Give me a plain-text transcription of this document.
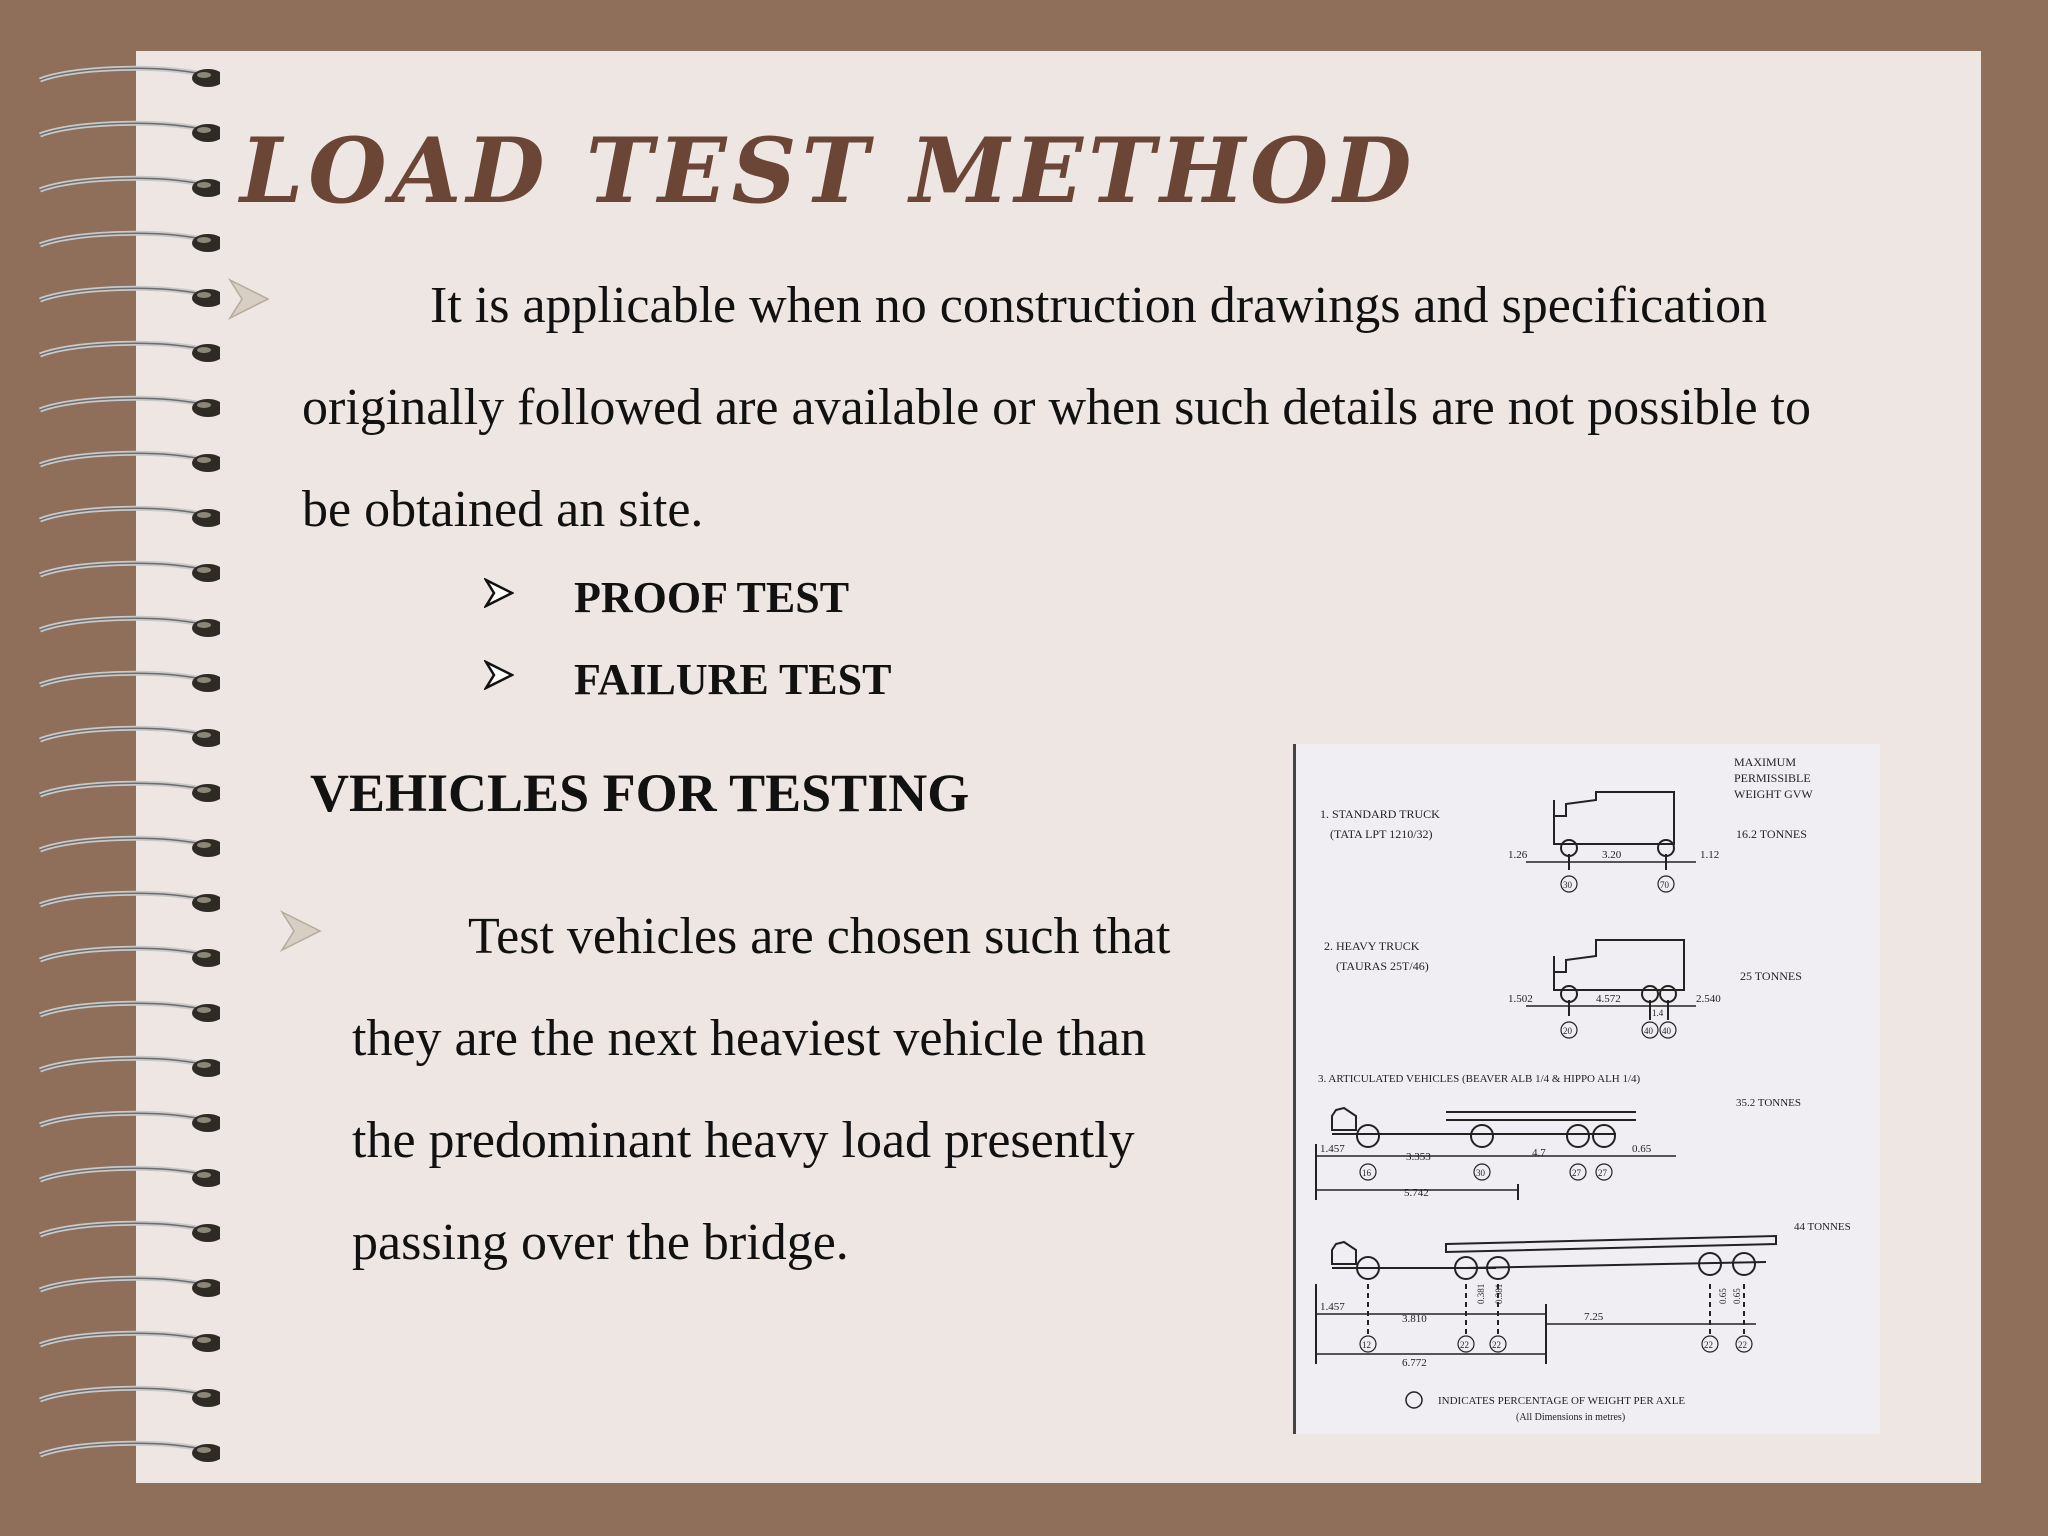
LOAD TEST METHOD

It is applicable when no construction drawings and specification

originally followed are available or when such details are not possible to

be obtained an site.

PROOF TEST
FAILURE TEST
VEHICLES FOR TESTING

Test vehicles are chosen such that

they are the next heaviest vehicle than

the predominant heavy load presently

passing over the bridge.

MAXIMUM
PERMISSIBLE
WEIGHT GVW
1. STANDARD TRUCK
(TATA LPT 1210/32)	16.2 TONNES
1.26	3.20	1.12
30	70
2. HEAVY TRUCK
(TAURAS 25T/46)
25 TONNES
1.502	4.572	2.540
1.4
20	40 40
3. ARTICULATED VEHICLES (BEAVER ALB 1/4 & HIPPO ALH 1/4)
35.2 TONNES
1.457
3.353	4.7	0.65
5.742
16	30	27 27
44 TONNES
1.457
3.810
0.381 0.381
7.25
0.65 0.65
6.772
12	22	22	22	22
INDICATES PERCENTAGE OF WEIGHT PER AXLE
(All Dimensions in metres)
